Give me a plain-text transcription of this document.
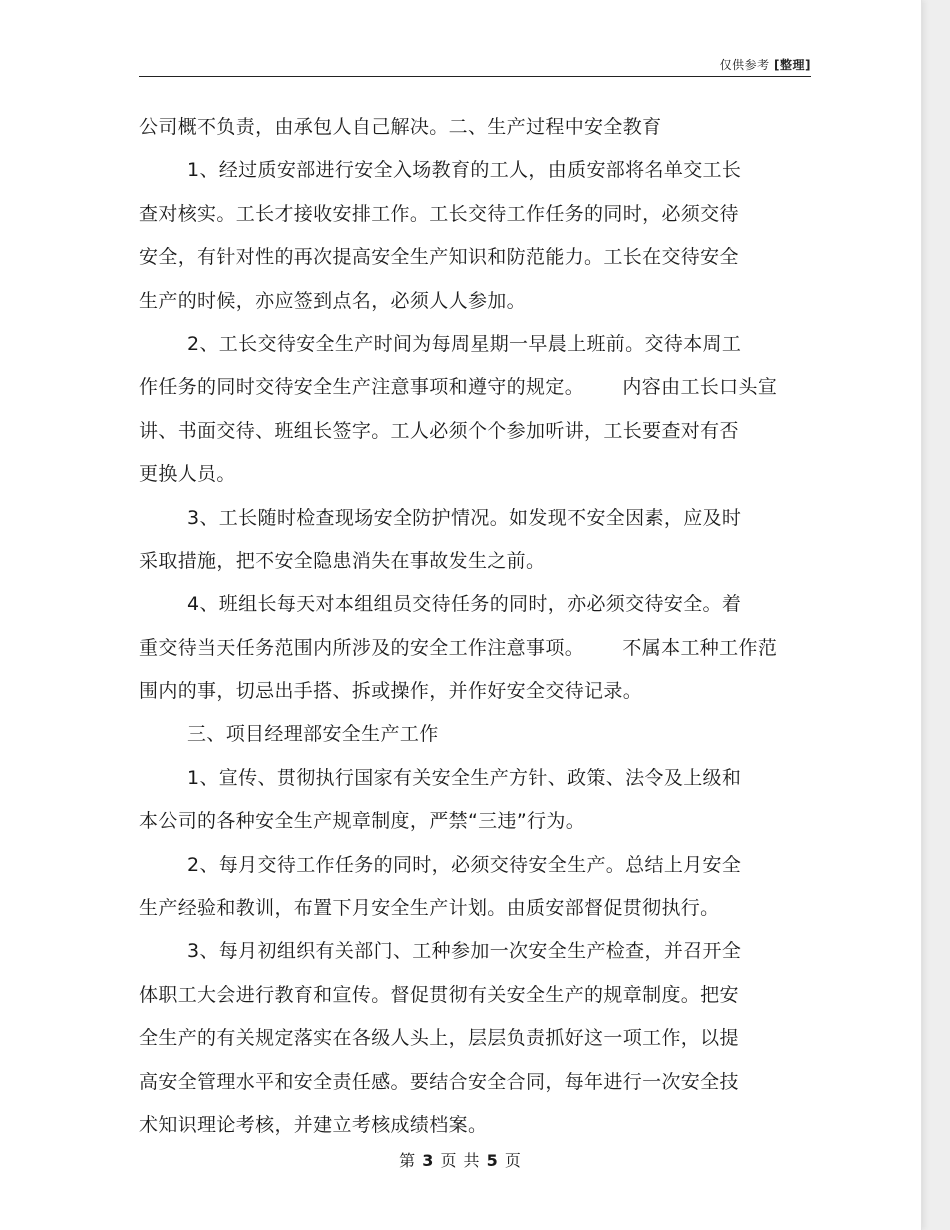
仅供参考 [整理]
公司概不负责，由承包人自己解决。二、生产过程中安全教育
1、经过质安部进行安全入场教育的工人，由质安部将名单交工长
查对核实。工长才接收安排工作。工长交待工作任务的同时，必须交待
安全，有针对性的再次提高安全生产知识和防范能力。工长在交待安全
生产的时候，亦应签到点名，必须人人参加。
2、工长交待安全生产时间为每周星期一早晨上班前。交待本周工
作任务的同时交待安全生产注意事项和遵守的规定。      内容由工长口头宣
讲、书面交待、班组长签字。工人必须个个参加听讲，工长要查对有否
更换人员。
3、工长随时检查现场安全防护情况。如发现不安全因素，应及时
采取措施，把不安全隐患消失在事故发生之前。
4、班组长每天对本组组员交待任务的同时，亦必须交待安全。着
重交待当天任务范围内所涉及的安全工作注意事项。      不属本工种工作范
围内的事，切忌出手搭、拆或操作，并作好安全交待记录。
三、项目经理部安全生产工作
1、宣传、贯彻执行国家有关安全生产方针、政策、法令及上级和
本公司的各种安全生产规章制度，严禁“三违”行为。
2、每月交待工作任务的同时，必须交待安全生产。总结上月安全
生产经验和教训，布置下月安全生产计划。由质安部督促贯彻执行。
3、每月初组织有关部门、工种参加一次安全生产检查，并召开全
体职工大会进行教育和宣传。督促贯彻有关安全生产的规章制度。把安
全生产的有关规定落实在各级人头上，层层负责抓好这一项工作，以提
高安全管理水平和安全责任感。要结合安全合同，每年进行一次安全技
术知识理论考核，并建立考核成绩档案。
第 3 页 共 5 页
